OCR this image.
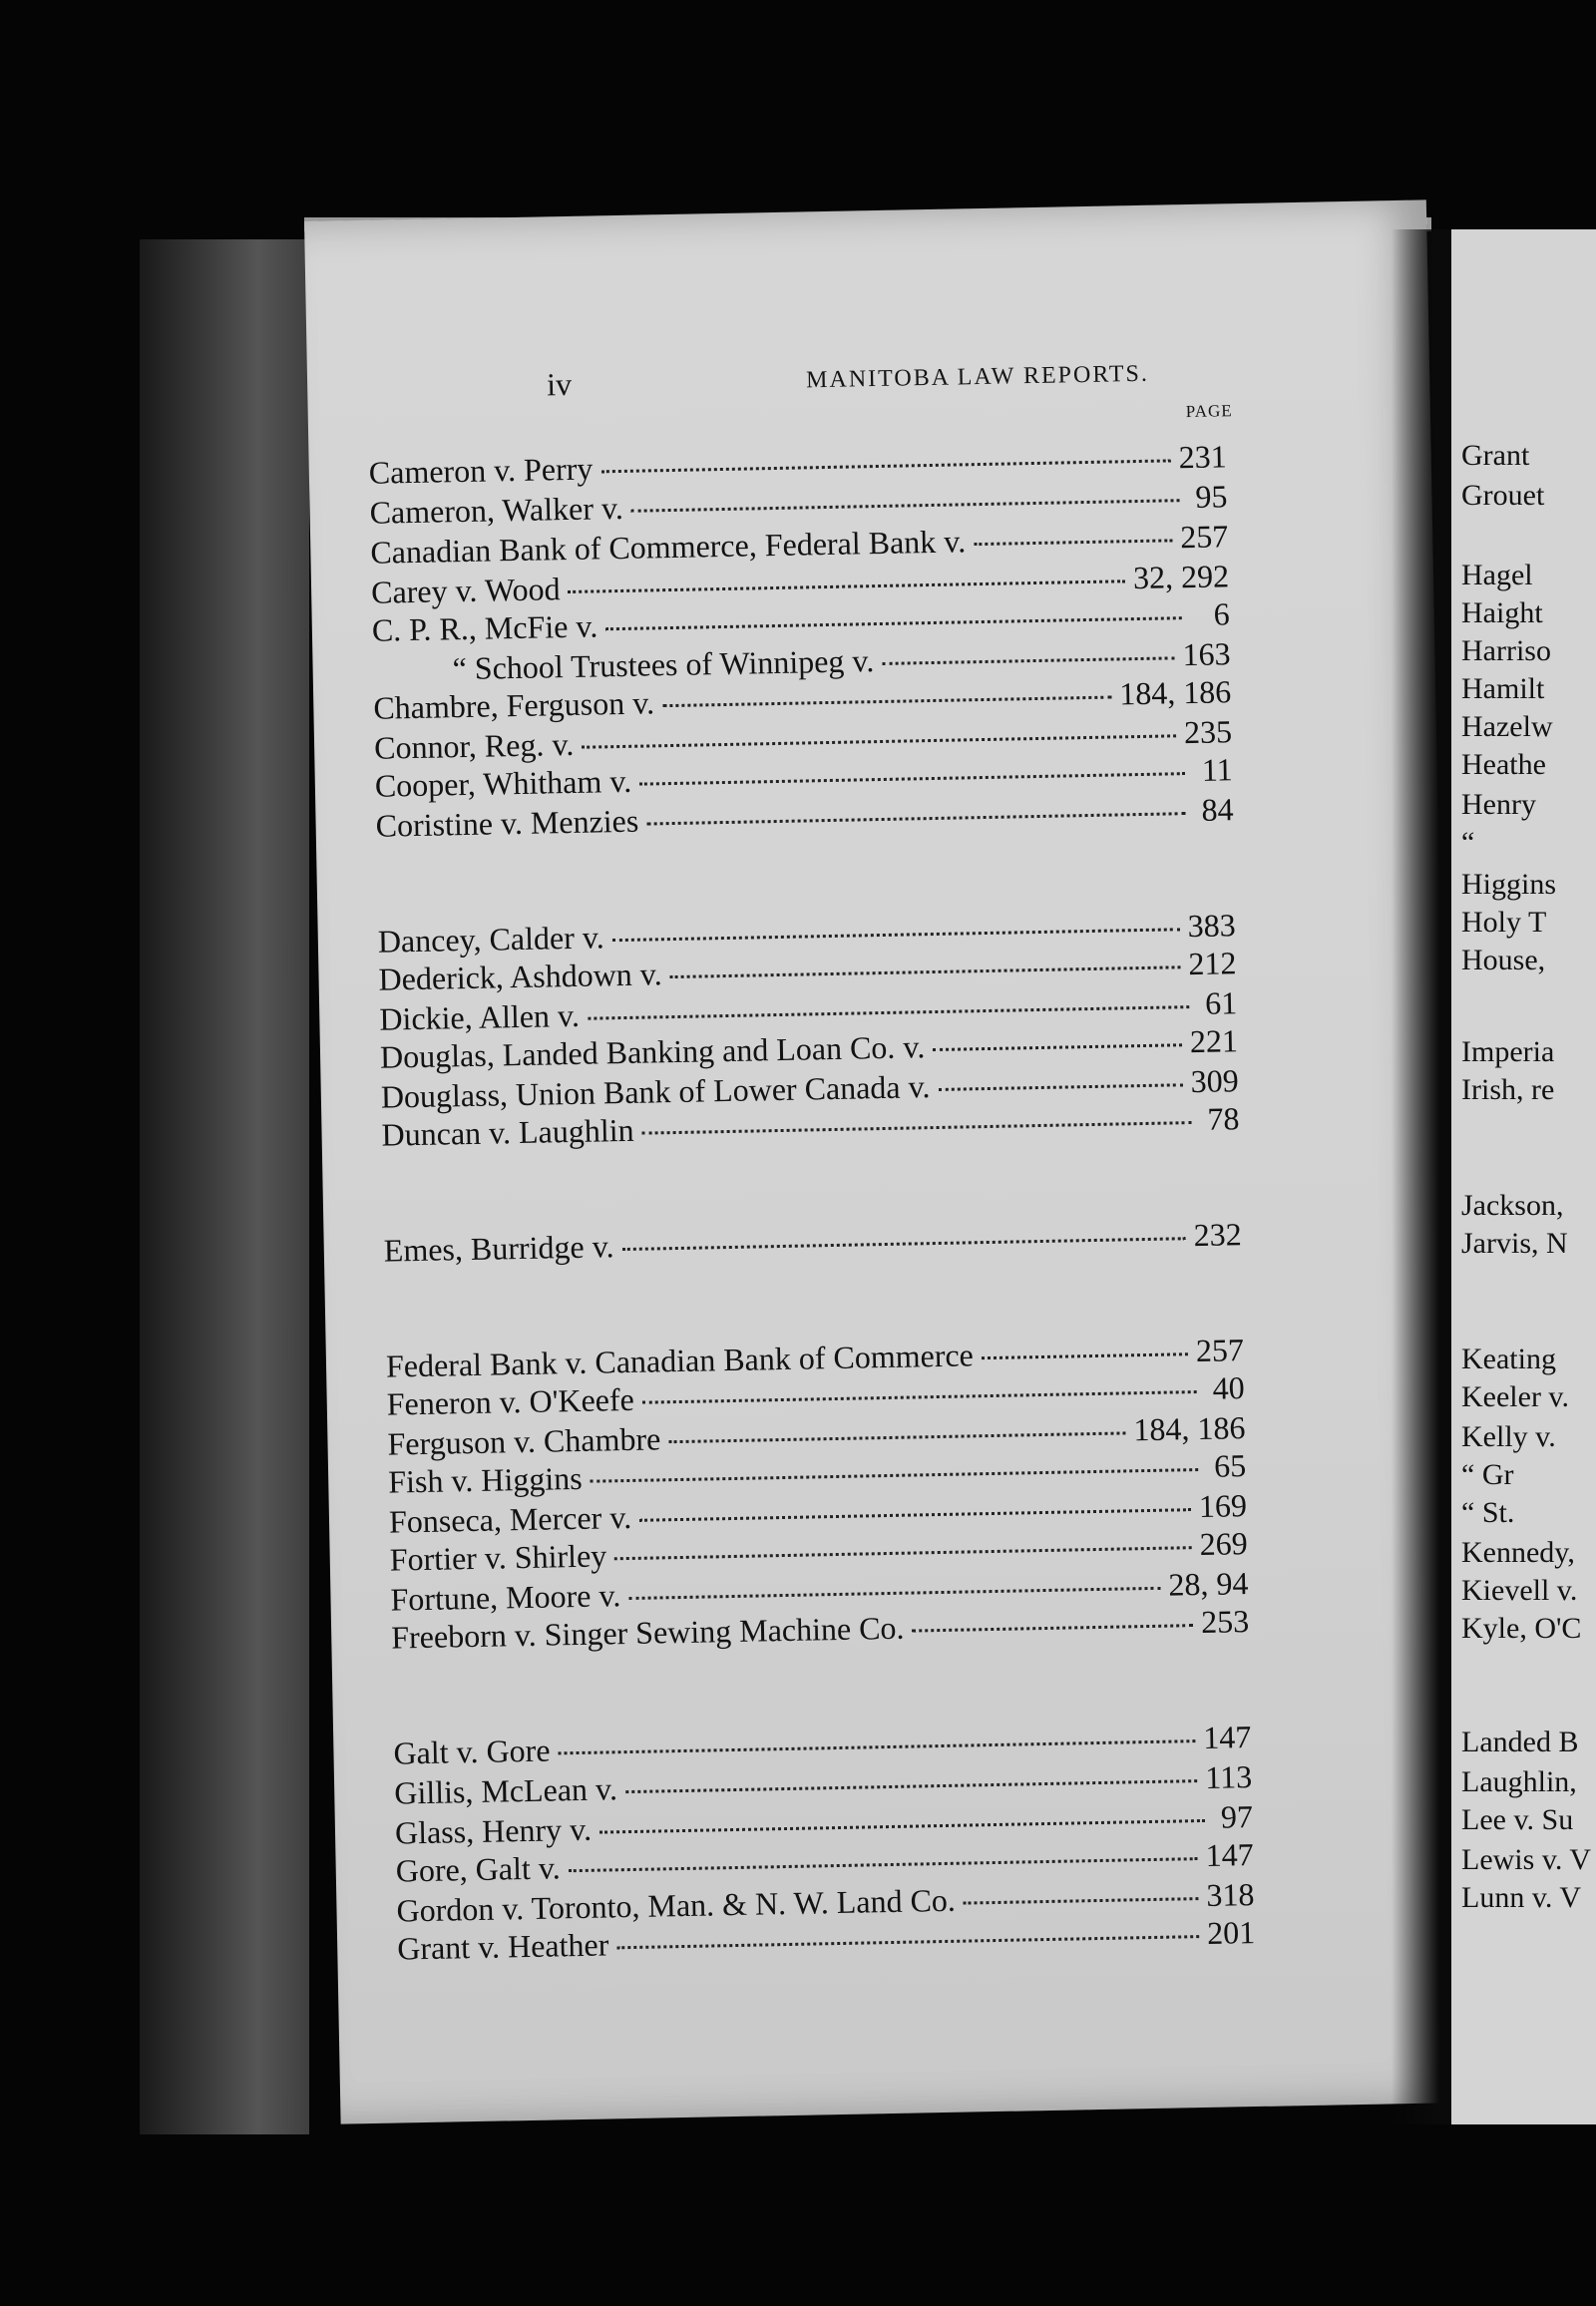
iv	MANITOBA LAW REPORTS.
PAGE
Cameron v. Perry	231
Cameron, Walker v.	95
Canadian Bank of Commerce, Federal Bank v.	257
Carey v. Wood	32, 292
C. P. R., McFie v.	6
“ School Trustees of Winnipeg v.	163
Chambre, Ferguson v.	184, 186
Connor, Reg. v.	235
Cooper, Whitham v.	11
Coristine v. Menzies	84
Dancey, Calder v.	383
Dederick, Ashdown v.	212
Dickie, Allen v.	61
Douglas, Landed Banking and Loan Co. v.	221
Douglass, Union Bank of Lower Canada v.	309
Duncan v. Laughlin	78
Emes, Burridge v.	232
Federal Bank v. Canadian Bank of Commerce	257
Feneron v. O'Keefe	40
Ferguson v. Chambre	184, 186
Fish v. Higgins	65
Fonseca, Mercer v.	169
Fortier v. Shirley	269
Fortune, Moore v.	28, 94
Freeborn v. Singer Sewing Machine Co.	253
Galt v. Gore	147
Gillis, McLean v.	113
Glass, Henry v.	97
Gore, Galt v.	147
Gordon v. Toronto, Man. & N. W. Land Co.	318
Grant v. Heather	201
Grant
Grouet
Hagel
Haight
Harriso
Hamilt
Hazelw
Heathe
Henry
“
Higgins
Holy T
House,
Imperia
Irish, re
Jackson,
Jarvis, N
Keating
Keeler v.
Kelly v.
“ Gr
“ St.
Kennedy,
Kievell v.
Kyle, O'C
Landed B
Laughlin,
Lee v. Su
Lewis v. V
Lunn v. V
